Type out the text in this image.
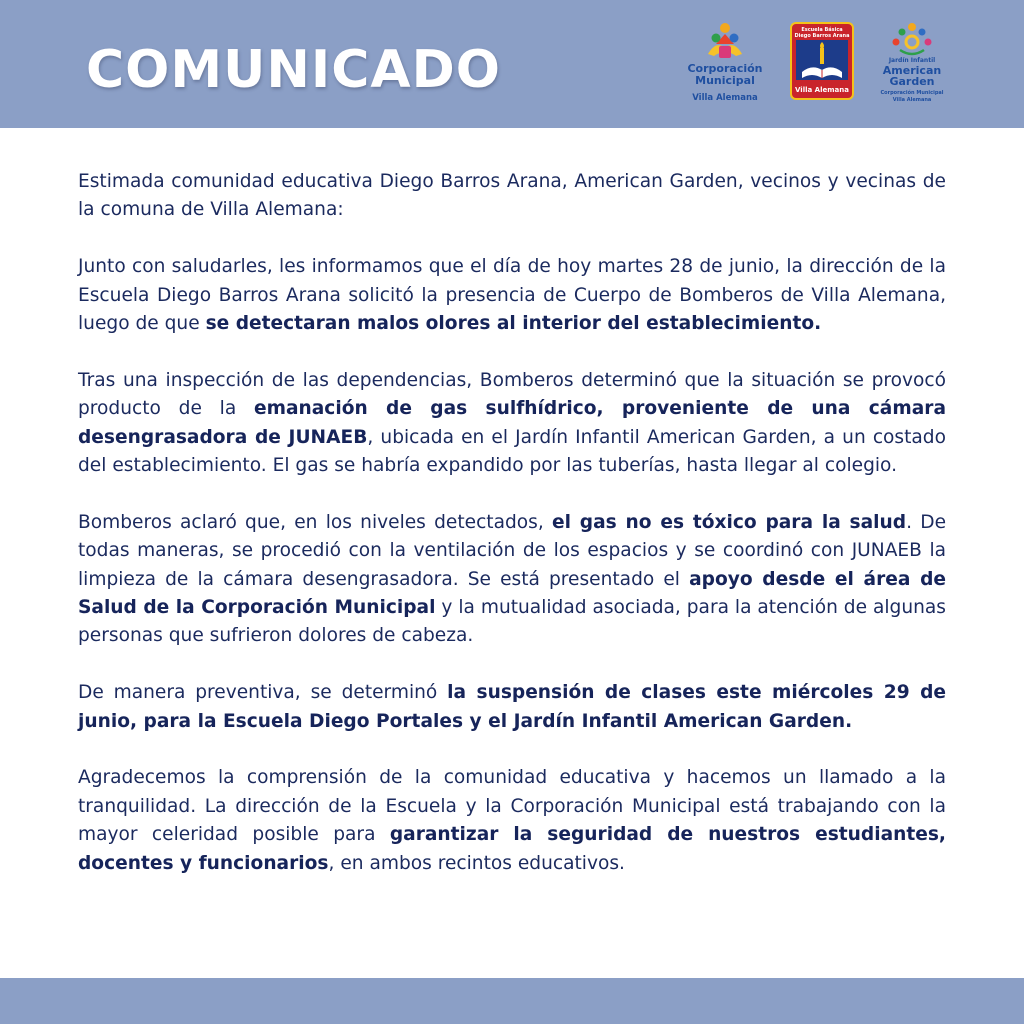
COMUNICADO	Corporación
Municipal
Villa Alemana
Escuela Básica
Diego Barros Arana
Villa Alemana
Jardín Infantil
American
Garden
Corporación Municipal
Villa Alemana

Estimada comunidad educativa Diego Barros Arana, American Garden, vecinos y vecinas de la comuna de Villa Alemana:

Junto con saludarles, les informamos que el día de hoy martes 28 de junio, la dirección de la Escuela Diego Barros Arana solicitó la presencia de Cuerpo de Bomberos de Villa Alemana, luego de que se detectaran malos olores al interior del establecimiento.

Tras una inspección de las dependencias, Bomberos determinó que la situación se provocó producto de la emanación de gas sulfhídrico, proveniente de una cámara desengrasadora de JUNAEB, ubicada en el Jardín Infantil American Garden, a un costado del establecimiento. El gas se habría expandido por las tuberías, hasta llegar al colegio.

Bomberos aclaró que, en los niveles detectados, el gas no es tóxico para la salud. De todas maneras, se procedió con la ventilación de los espacios y se coordinó con JUNAEB la limpieza de la cámara desengrasadora. Se está presentado el apoyo desde el área de Salud de la Corporación Municipal y la mutualidad asociada, para la atención de algunas personas que sufrieron dolores de cabeza.

De manera preventiva, se determinó la suspensión de clases este miércoles 29 de junio, para la Escuela Diego Portales y el Jardín Infantil American Garden.

Agradecemos la comprensión de la comunidad educativa y hacemos un llamado a la tranquilidad. La dirección de la Escuela y la Corporación Municipal está trabajando con la mayor celeridad posible para garantizar la seguridad de nuestros estudiantes, docentes y funcionarios, en ambos recintos educativos.
